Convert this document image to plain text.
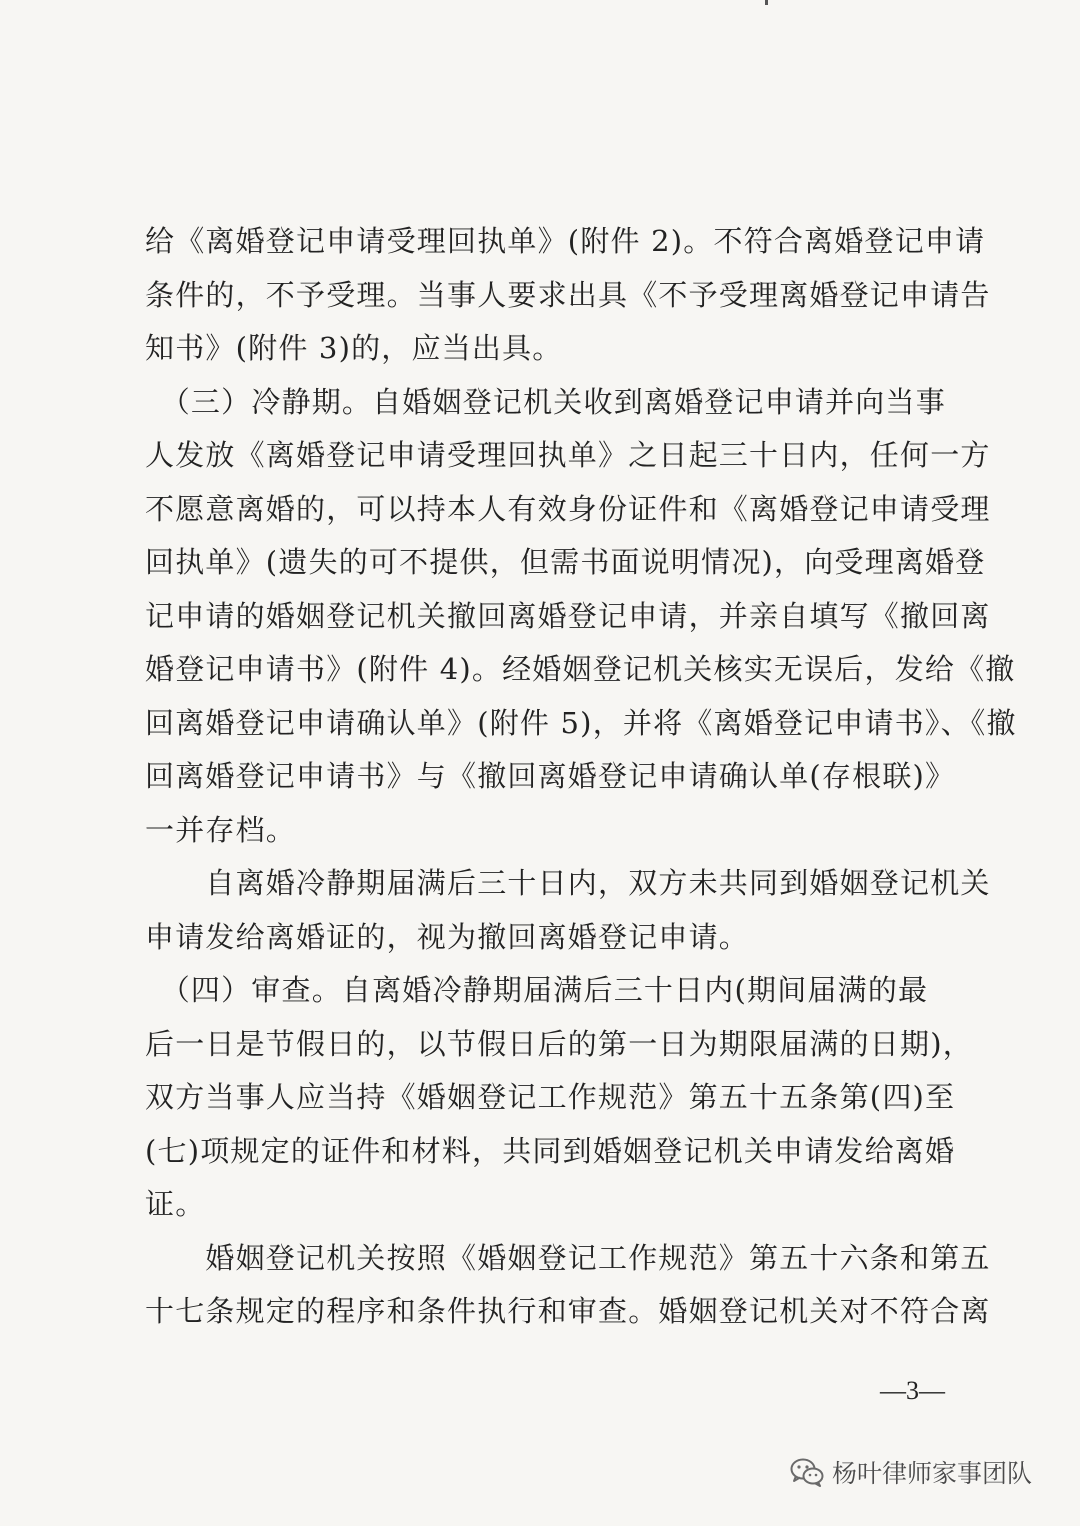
给《离婚登记申请受理回执单》(附件 2)。不符合离婚登记申请
条件的，不予受理。当事人要求出具《不予受理离婚登记申请告
知书》(附件 3)的，应当出具。
　（三）冷静期。自婚姻登记机关收到离婚登记申请并向当事
人发放《离婚登记申请受理回执单》之日起三十日内，任何一方
不愿意离婚的，可以持本人有效身份证件和《离婚登记申请受理
回执单》(遗失的可不提供，但需书面说明情况)，向受理离婚登
记申请的婚姻登记机关撤回离婚登记申请，并亲自填写《撤回离
婚登记申请书》(附件 4)。经婚姻登记机关核实无误后，发给《撤
回离婚登记申请确认单》(附件 5)，并将《离婚登记申请书》、《撤
回离婚登记申请书》与《撤回离婚登记申请确认单(存根联)》
一并存档。
　　自离婚冷静期届满后三十日内，双方未共同到婚姻登记机关
申请发给离婚证的，视为撤回离婚登记申请。
　（四）审查。自离婚冷静期届满后三十日内(期间届满的最
后一日是节假日的，以节假日后的第一日为期限届满的日期)，
双方当事人应当持《婚姻登记工作规范》第五十五条第(四)至
(七)项规定的证件和材料，共同到婚姻登记机关申请发给离婚
证。
　　婚姻登记机关按照《婚姻登记工作规范》第五十六条和第五
十七条规定的程序和条件执行和审查。婚姻登记机关对不符合离
—3—
杨叶律师家事团队
